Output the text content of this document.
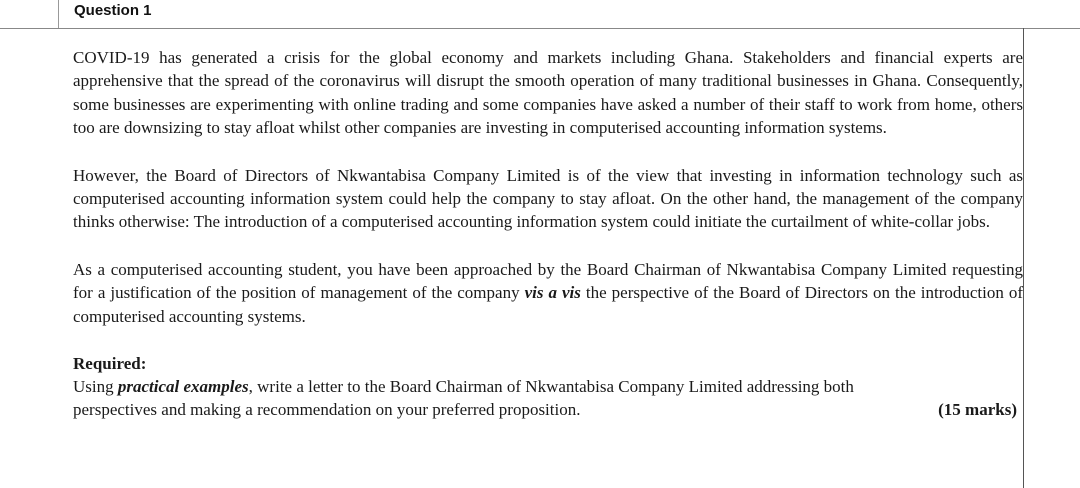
Question 1

COVID-19 has generated a crisis for the global economy and markets including Ghana. Stakeholders and financial experts are apprehensive that the spread of the coronavirus will disrupt the smooth operation of many traditional businesses in Ghana. Consequently, some businesses are experimenting with online trading and some companies have asked a number of their staff to work from home, others too are downsizing to stay afloat whilst other companies are investing in computerised accounting information systems.

However, the Board of Directors of Nkwantabisa Company Limited is of the view that investing in information technology such as computerised accounting information system could help the company to stay afloat. On the other hand, the management of the company thinks otherwise: The introduction of a computerised accounting information system could initiate the curtailment of white-collar jobs.

As a computerised accounting student, you have been approached by the Board Chairman of Nkwantabisa Company Limited requesting for a justification of the position of management of the company vis a vis the perspective of the Board of Directors on the introduction of computerised accounting systems.

Required:

Using practical examples, write a letter to the Board Chairman of Nkwantabisa Company Limited addressing both

perspectives and making a recommendation on your preferred proposition.	(15 marks)
